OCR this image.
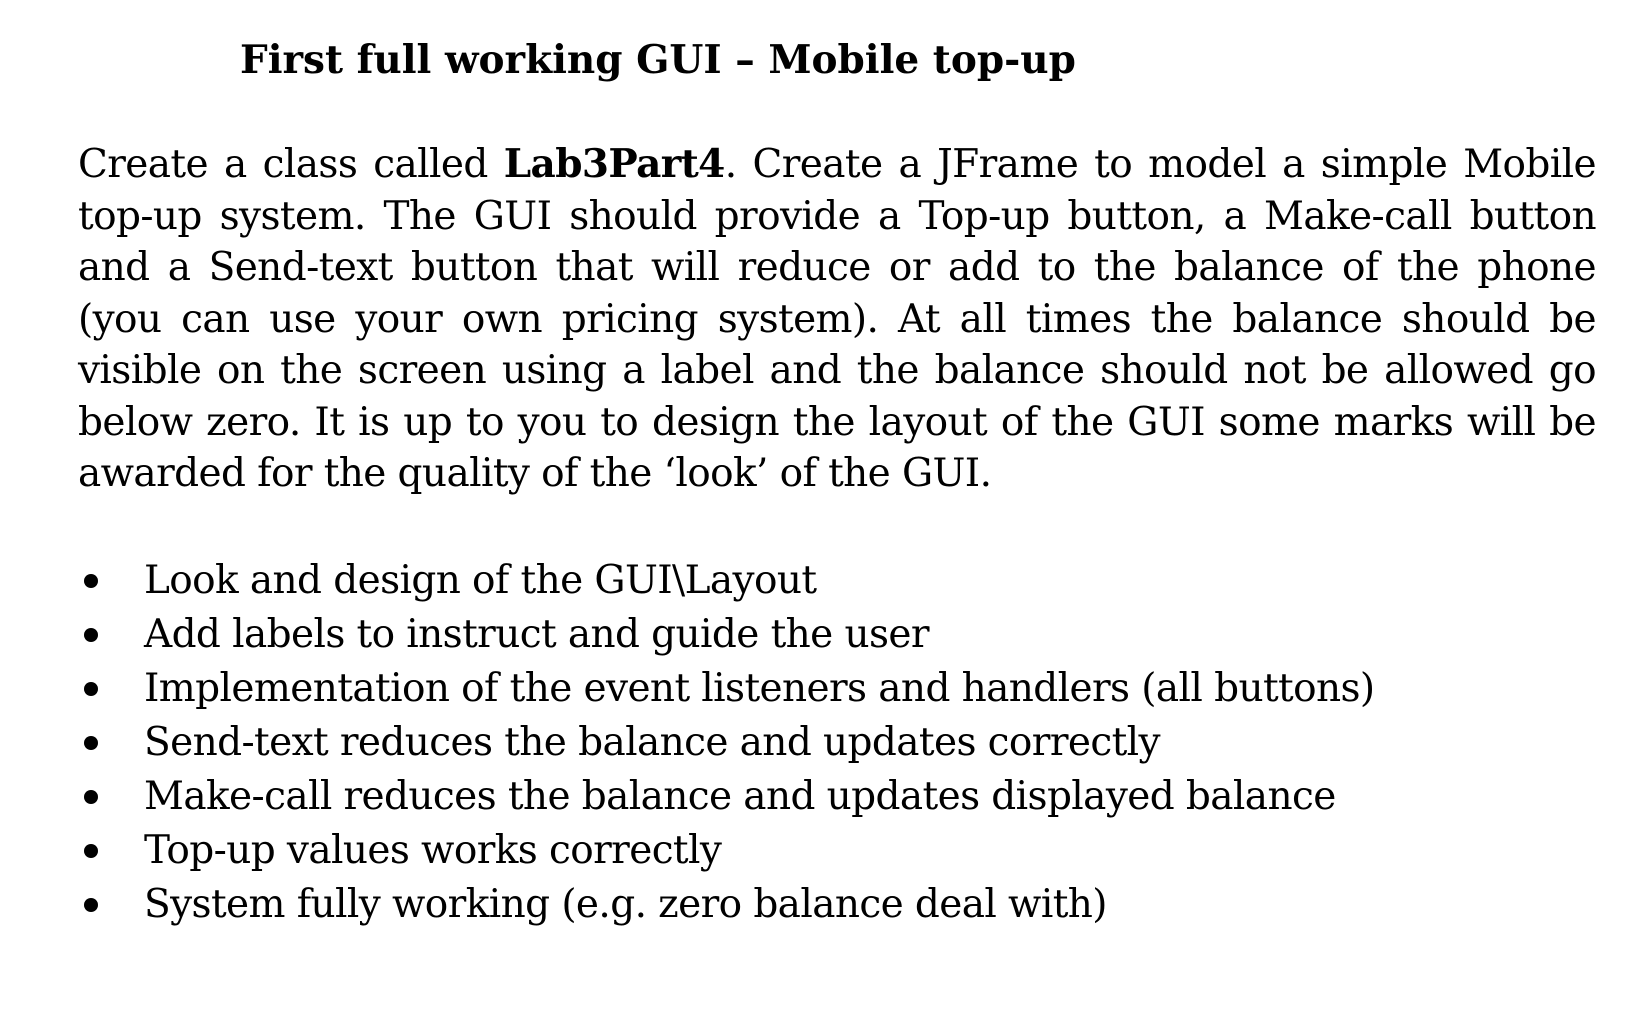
First full working GUI – Mobile top-up

Create a class called Lab3Part4. Create a JFrame to model a simple Mobile top-up system. The GUI should provide a Top-up button, a Make-call button and a Send-text button that will reduce or add to the balance of the phone (you can use your own pricing system). At all times the balance should be visible on the screen using a label and the balance should not be allowed go below zero. It is up to you to design the layout of the GUI some marks will be awarded for the quality of the ‘look’ of the GUI.

Look and design of the GUI\Layout
Add labels to instruct and guide the user
Implementation of the event listeners and handlers (all buttons)
Send-text reduces the balance and updates correctly
Make-call reduces the balance and updates displayed balance
Top-up values works correctly
System fully working (e.g. zero balance deal with)
